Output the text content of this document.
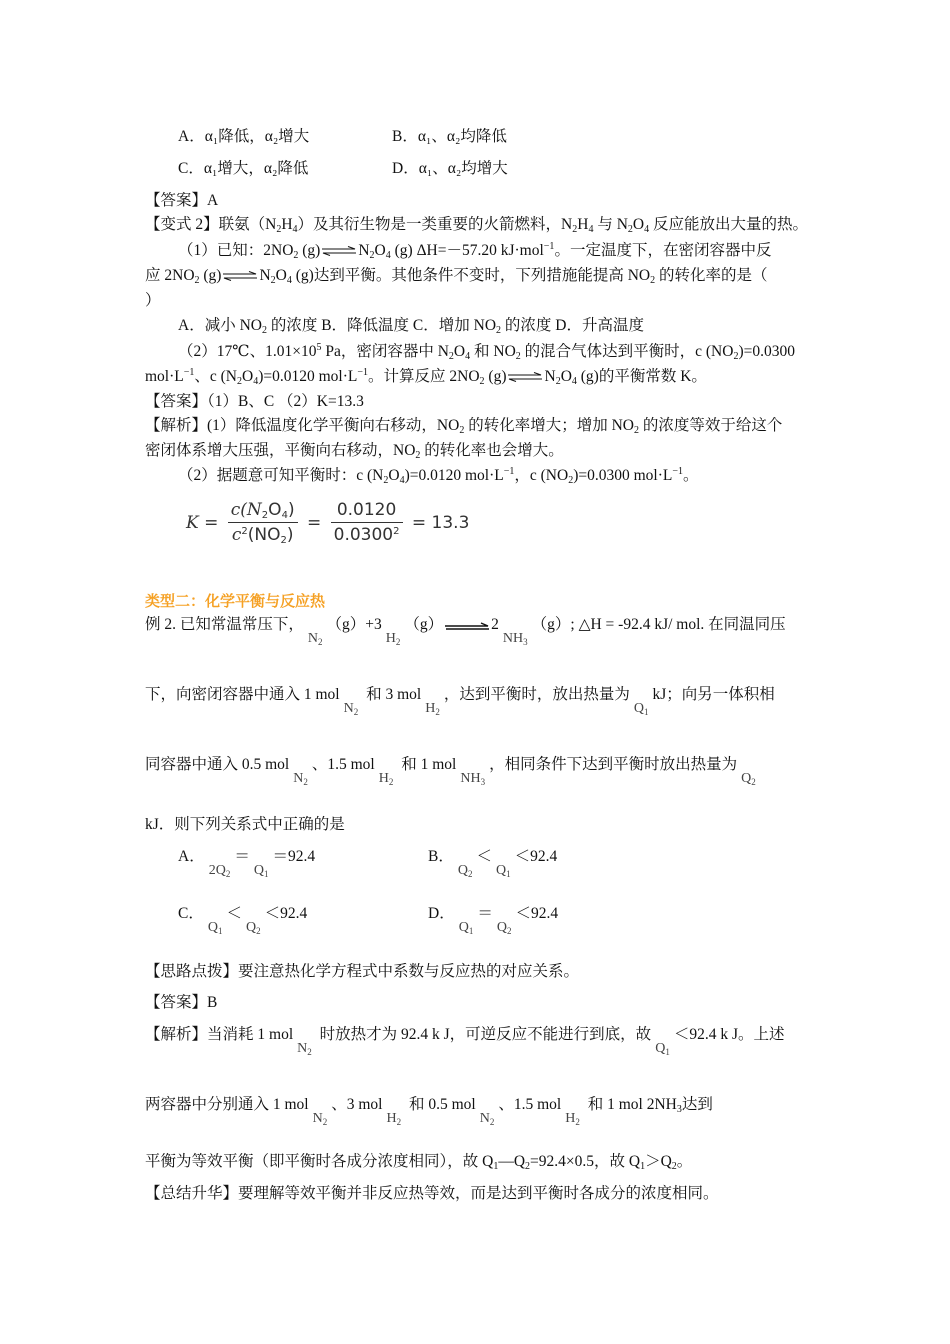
A．α₁降低，α₂增大	B．α₁、α₂均降低
C．α₁增大，α₂降低	D．α₁、α₂均增大
【答案】A
【变式 2】联氨$(N_2H_4)$及其衍生物是一类重要的火箭燃料，$N_2H_4$ 与 $N_2O_4$ 反应能放出大量的热。
（1）已知：$2NO_2$ $(g)\rightleftharpoons N_2O_4$ (g) ΔH=－57.20 kJ·mol$^{-1}$。一定温度下，在密闭容器中反
应 $2NO_2$ $(g)\rightleftharpoons N_2O_4$ (g)达到平衡。其他条件不变时，下列措施能提高 $NO_2$ 的转化率的是（
）
A．减小 $NO_2$ 的浓度 B．降低温度 C．增加 $NO_2$ 的浓度 D．升高温度
（2）17℃、$1.01\times 10^5$ Pa，密闭容器中 $N_2O_4$ 和 $NO_2$ 的混合气体达到平衡时，c $(NO_2)=0.0300$
$mol\cdot L^{-1}$、c $(N_2O_4)=0.0120$ $mol\cdot L^{-1}$。计算反应 $2NO_2$ $(g)\rightleftharpoons N_2O_4$ (g)的平衡常数 K。
【答案】（1）B、C （2）K=13.3
【解析】(1）降低温度化学平衡向右移动，$NO_2$ 的转化率增大；增加 $NO_2$ 的浓度等效于给这个
密闭体系增大压强，平衡向右移动，$NO_2$ 的转化率也会增大。
（2）据题意可知平衡时：c $(N_2O_4)=0.0120$ $mol\cdot L^{-1}$，c $(NO_2)=0.0300$ $mol\cdot L^{-1}$。
$K = \frac{c(N_2O_4)}{c^2(NO_2)} = \frac{0.0120}{0.0300^2} = 13.3$
类型二：化学平衡与反应热
例 2. 已知常温常压下，$N_2(g)+3H_2(g)$	$2NH_3(g)$; △H = -92.4 kJ/ mol. 在同温同压
下，向密闭容器中通入 1 molN$_2$ 和 3 molH$_2$，达到平衡时，放出热量为$Q_1kJ$；向另一体积相
同容器中通入 0.5 molN$_2$、1.5 molH$_2$ 和 1 molNH$_3$，相同条件下达到平衡时放出热量为$Q_2$
kJ．则下列关系式中正确的是
A．$2Q_2=Q_1=92.4$	B．$Q_2<Q_1<92.4$
C．$Q_1<Q_2<92.4$	D．$Q_1=Q_2<92.4$
【思路点拨】要注意热化学方程式中系数与反应热的对应关系。
【答案】B
【解析】当消耗 1 molN$_2$ 时放热才为 92.4 k J，可逆反应不能进行到底，故$Q_1<92.4$ k J。上述
两容器中分别通入 1 molN$_2$、3 molH$_2$ 和 0.5 molN$_2$、1.5 molH$_2$ 和 1 mol $2NH_3$达到
平衡为等效平衡（即平衡时各成分浓度相同），故 $Q_1—Q_2=92.4\times 0.5$，故 $Q_1>Q_2$。
【总结升华】要理解等效平衡并非反应热等效，而是达到平衡时各成分的浓度相同。
